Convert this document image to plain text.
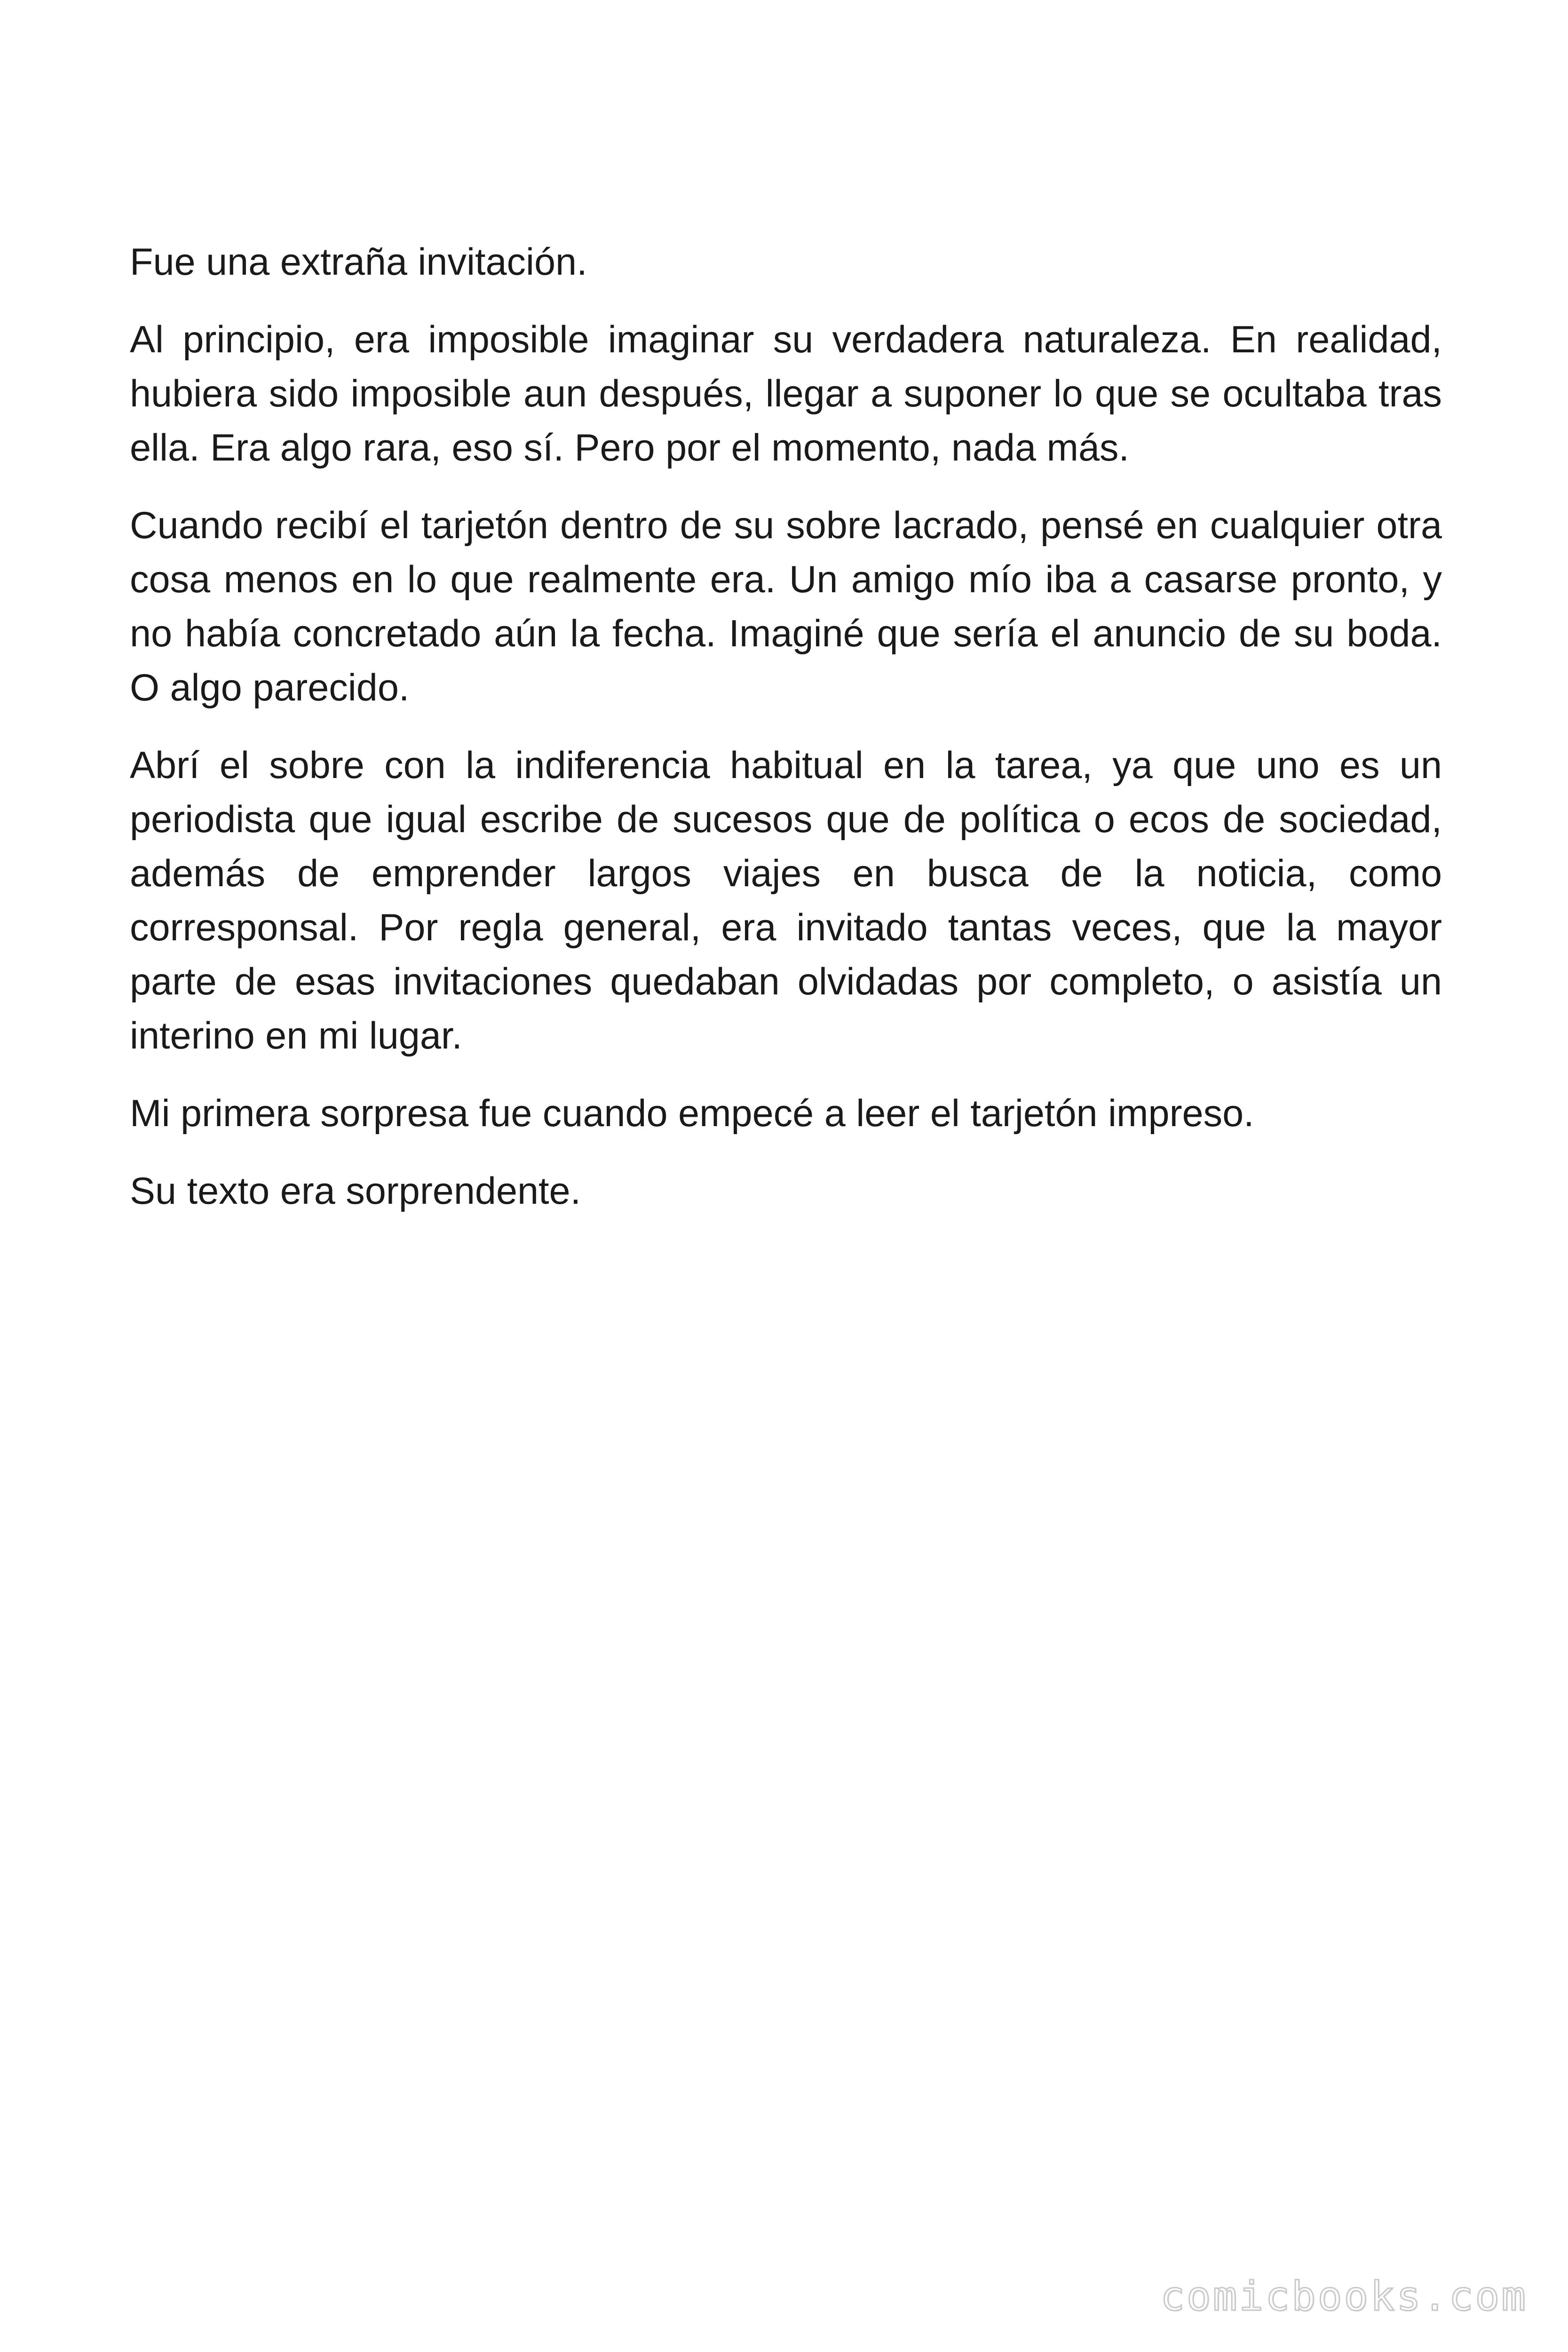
Fue una extraña invitación.

Al principio, era imposible imaginar su verdadera naturaleza. En realidad, hubiera sido imposible aun después, llegar a suponer lo que se ocultaba tras ella. Era algo rara, eso sí. Pero por el momento, nada más.

Cuando recibí el tarjetón dentro de su sobre lacrado, pensé en cualquier otra cosa menos en lo que realmente era. Un amigo mío iba a casarse pronto, y no había concretado aún la fecha. Imaginé que sería el anuncio de su boda. O algo parecido.

Abrí el sobre con la indiferencia habitual en la tarea, ya que uno es un periodista que igual escribe de sucesos que de política o ecos de sociedad, además de emprender largos viajes en busca de la noticia, como corresponsal. Por regla general, era invitado tantas veces, que la mayor parte de esas invitaciones quedaban olvidadas por completo, o asistía un interino en mi lugar.

Mi primera sorpresa fue cuando empecé a leer el tarjetón impreso.

Su texto era sorprendente.

comicbooks.com
